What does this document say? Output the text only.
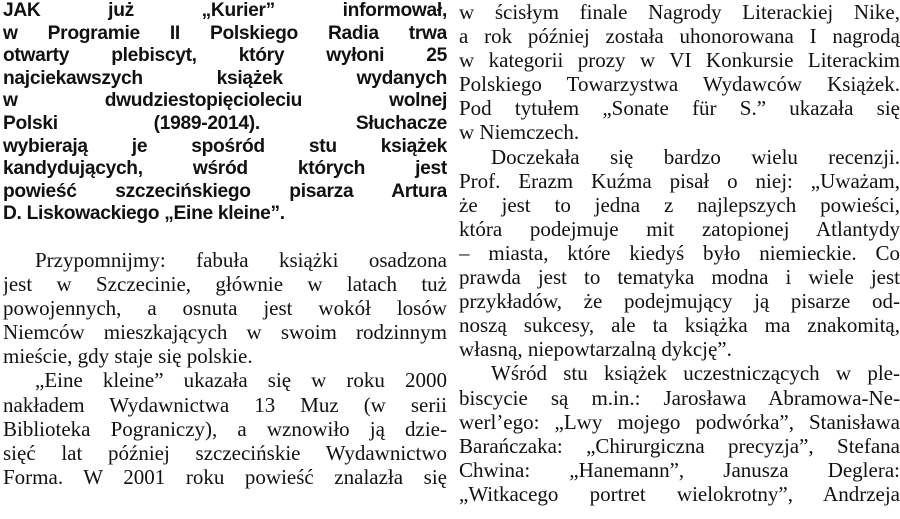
JAK już „Kurier” informował,
w Programie II Polskiego Radia trwa
otwarty plebiscyt, który wyłoni 25
najciekawszych książek wydanych
w dwudziestopięcioleciu wolnej
Polski (1989-2014). Słuchacze
wybierają je spośród stu książek
kandydujących, wśród których jest
powieść szczecińskiego pisarza Artura
D. Liskowackiego „Eine kleine”.
Przypomnijmy: fabuła książki osadzona
jest w Szczecinie, głównie w latach tuż
powojennych, a osnuta jest wokół losów
Niemców mieszkających w swoim rodzinnym
mieście, gdy staje się polskie.
„Eine kleine” ukazała się w roku 2000
nakładem Wydawnictwa 13 Muz (w serii
Biblioteka Pograniczy), a wznowiło ją dzie-
sięć lat później szczecińskie Wydawnictwo
Forma. W 2001 roku powieść znalazła się
w ścisłym finale Nagrody Literackiej Nike,
a rok później została uhonorowana I nagrodą
w kategorii prozy w VI Konkursie Literackim
Polskiego Towarzystwa Wydawców Książek.
Pod tytułem „Sonate für S.” ukazała się
w Niemczech.
Doczekała się bardzo wielu recenzji.
Prof. Erazm Kuźma pisał o niej: „Uważam,
że jest to jedna z najlepszych powieści,
która podejmuje mit zatopionej Atlantydy
– miasta, które kiedyś było niemieckie. Co
prawda jest to tematyka modna i wiele jest
przykładów, że podejmujący ją pisarze od-
noszą sukcesy, ale ta książka ma znakomitą,
własną, niepowtarzalną dykcję”.
Wśród stu książek uczestniczących w ple-
biscycie są m.in.: Jarosława Abramowa-Ne-
werl’ego: „Lwy mojego podwórka”, Stanisława
Barańczaka: „Chirurgiczna precyzja”, Stefana
Chwina: „Hanemann”, Janusza Deglera:
„Witkacego portret wielokrotny”, Andrzeja
